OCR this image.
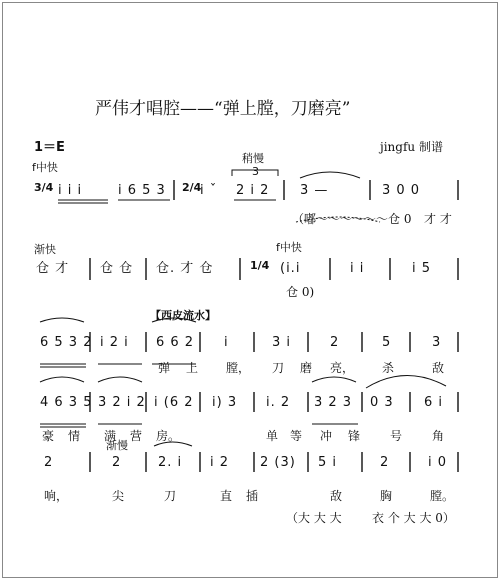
严伟才唱腔——“弹上膛，刀磨亮”
1＝E	jingfu 制谱
f中快
稍慢
3
3/4	2/4
i i i	i 6 5 3	i ˇ 2 i 2 3 —	3 0 0
（嘟～～～～～～仓 0 才 才
渐快	f中快
1/4
仓 才 仓 仓 仓. 才 仓	(i.i	i i	i 5
仓 0)
【西皮流水】
6 5 3 2 i 2 i 6 6 2 i	3 i	2	5	3
弹 上 膛， 刀 磨 亮， 杀	敌
4 6 3 5 3 2 i 2 i (6 2 i) 3 i. 2 3 2 3 0 3 6 i
豪 情 满 营 房。	单 等 冲 锋 号 角
渐慢
2	2	2. i i 2 2 (3) 5 i	2	i 0
响，	尖	刀	直 插	敌	胸	膛。
（大 大 大	衣 个 大 大 0）
